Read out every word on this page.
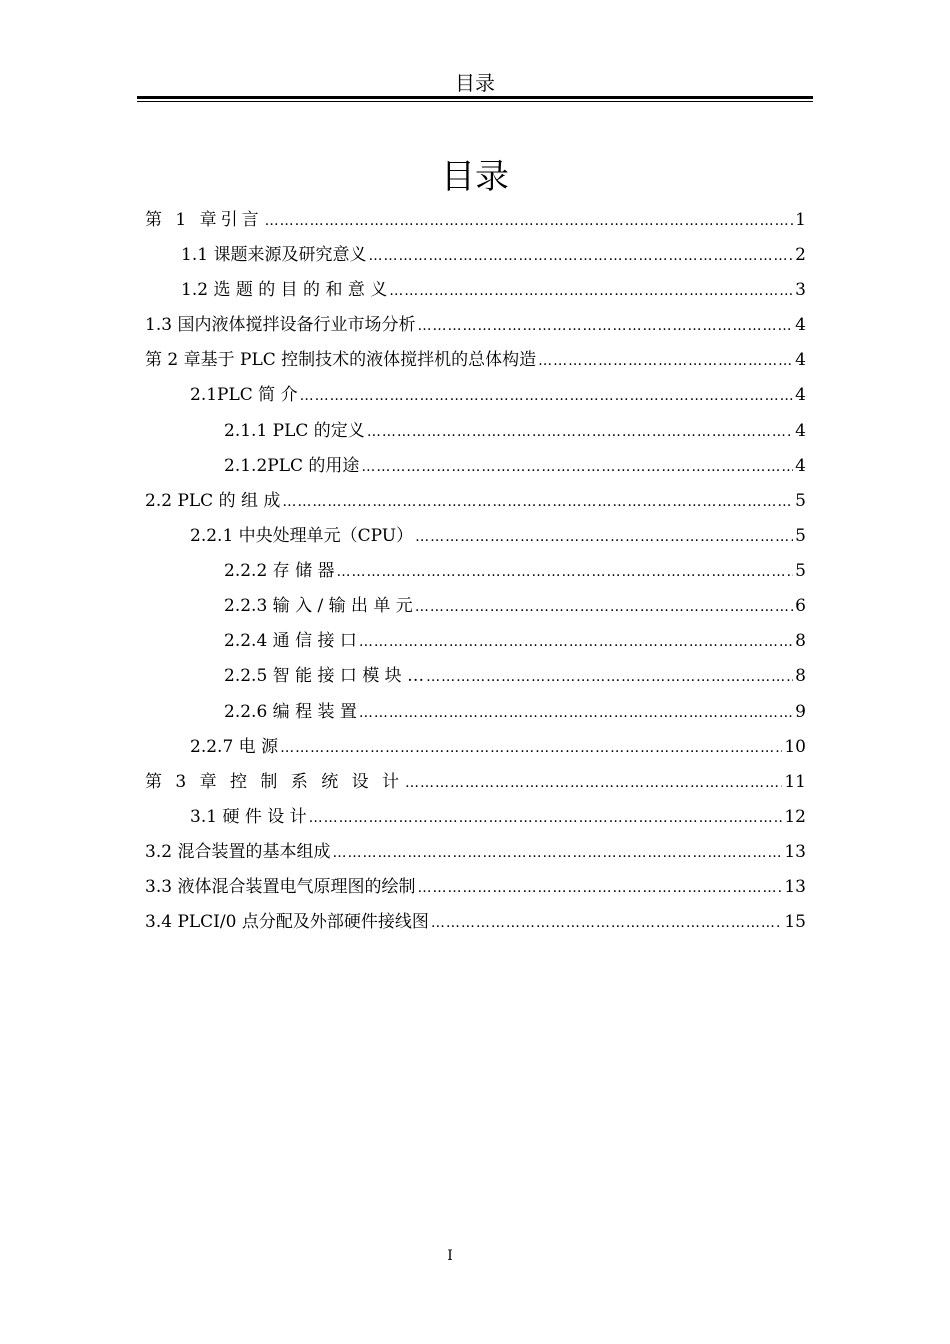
目录
目录
第 1 章引言 ……………………………………………………………………………………………………………………………………………………………………………………………………………………	1
1.1 课题来源及研究意义 ……………………………………………………………………………………………………………………………………………………………………………………………………………………	2
1.2 选 题 的 目 的 和 意 义 ……………………………………………………………………………………………………………………………………………………………………………………………………………………	3
1.3 国内液体搅拌设备行业市场分析 ……………………………………………………………………………………………………………………………………………………………………………………………………………………	4
第 2 章基于 PLC 控制技术的液体搅拌机的总体构造 ……………………………………………………………………………………………………………………………………………………………………………………………………………………	4
2.1PLC 简 介 ……………………………………………………………………………………………………………………………………………………………………………………………………………………	4
2.1.1 PLC 的定义 ……………………………………………………………………………………………………………………………………………………………………………………………………………………	4
2.1.2PLC 的用途 ……………………………………………………………………………………………………………………………………………………………………………………………………………………	4
2.2 PLC 的 组 成 ……………………………………………………………………………………………………………………………………………………………………………………………………………………	5
2.2.1 中央处理单元（CPU） ……………………………………………………………………………………………………………………………………………………………………………………………………………………	5
2.2.2 存 储 器 ……………………………………………………………………………………………………………………………………………………………………………………………………………………	5
2.2.3 输 入 / 输 出 单 元 ……………………………………………………………………………………………………………………………………………………………………………………………………………………	6
2.2.4 通 信 接 口 ……………………………………………………………………………………………………………………………………………………………………………………………………………………	8
2.2.5 智 能 接 口 模 块 … ……………………………………………………………………………………………………………………………………………………………………………………………………………………	8
2.2.6 编 程 装 置 ……………………………………………………………………………………………………………………………………………………………………………………………………………………	9
2.2.7 电 源 ……………………………………………………………………………………………………………………………………………………………………………………………………………………	10
第 3 章 控 制 系 统 设 计 ……………………………………………………………………………………………………………………………………………………………………………………………………………………	11
3.1 硬 件 设 计 ……………………………………………………………………………………………………………………………………………………………………………………………………………………	12
3.2 混合装置的基本组成 ……………………………………………………………………………………………………………………………………………………………………………………………………………………	13
3.3 液体混合装置电气原理图的绘制 ……………………………………………………………………………………………………………………………………………………………………………………………………………………	13
3.4 PLCI/0 点分配及外部硬件接线图 ……………………………………………………………………………………………………………………………………………………………………………………………………………………	15
I
